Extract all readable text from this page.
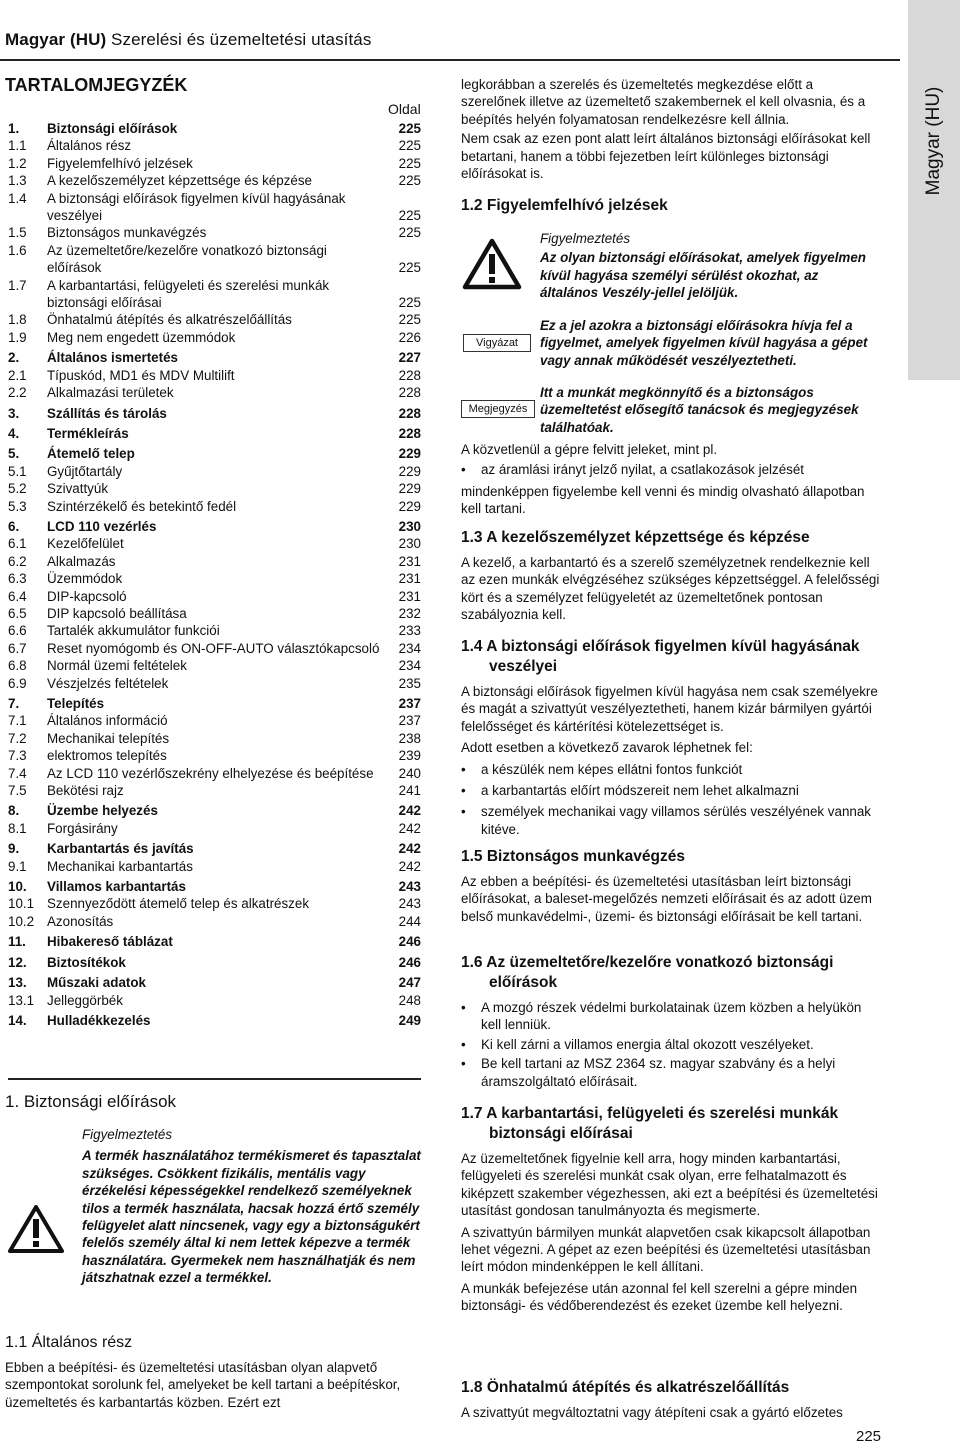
Magyar (HU) Szerelési és üzemeltetési utasítás
Magyar (HU)
TARTALOMJEGYZÉK
Oldal
1.	Biztonsági előírások	225
1.1	Általános rész	225
1.2	Figyelemfelhívó jelzések	225
1.3	A kezelőszemélyzet képzettsége és képzése	225
1.4	A biztonsági előírások figyelmen kívül hagyásának veszélyei	225
1.5	Biztonságos munkavégzés	225
1.6	Az üzemeltetőre/kezelőre vonatkozó biztonsági előírások	225
1.7	A karbantartási, felügyeleti és szerelési munkák biztonsági előírásai	225
1.8	Önhatalmú átépítés és alkatrészelőállítás	225
1.9	Meg nem engedett üzemmódok	226
2.	Általános ismertetés	227
2.1	Típuskód, MD1 és MDV Multilift	228
2.2	Alkalmazási területek	228
3.	Szállítás és tárolás	228
4.	Termékleírás	228
5.	Átemelő telep	229
5.1	Gyűjtőtartály	229
5.2	Szivattyúk	229
5.3	Szintérzékelő és betekintő fedél	229
6.	LCD 110 vezérlés	230
6.1	Kezelőfelület	230
6.2	Alkalmazás	231
6.3	Üzemmódok	231
6.4	DIP-kapcsoló	231
6.5	DIP kapcsoló beállítása	232
6.6	Tartalék akkumulátor funkciói	233
6.7	Reset nyomógomb és ON-OFF-AUTO választókapcsoló	234
6.8	Normál üzemi feltételek	234
6.9	Vészjelzés feltételek	235
7.	Telepítés	237
7.1	Általános információ	237
7.2	Mechanikai telepítés	238
7.3	elektromos telepítés	239
7.4	Az LCD 110 vezérlőszekrény elhelyezése és beépítése	240
7.5	Bekötési rajz	241
8.	Üzembe helyezés	242
8.1	Forgásirány	242
9.	Karbantartás és javítás	242
9.1	Mechanikai karbantartás	242
10.	Villamos karbantartás	243
10.1 Szennyeződött átemelő telep és alkatrészek	243
10.2 Azonosítás	244
11.	Hibakereső táblázat	246
12.	Biztosítékok	246
13.	Műszaki adatok	247
13.1 Jelleggörbék	248
14.	Hulladékkezelés	249
1. Biztonsági előírások
Figyelmeztetés
A termék használatához termékismeret és tapasztalat szükséges. Csökkent fizikális, mentális vagy érzékelési képességekkel rendelkező személyeknek tilos a termék használata, hacsak hozzá értő személy felügyelet alatt nincsenek, vagy egy a biztonságukért felelős személy által ki nem lettek képezve a termék használatára. Gyermekek nem használhatják és nem játszhatnak ezzel a termékkel.
1.1 Általános rész
Ebben a beépítési- és üzemeltetési utasításban olyan alapvető szempontokat sorolunk fel, amelyeket be kell tartani a beépítéskor, üzemeltetés és karbantartás közben. Ezért ezt

legkorábban a szerelés és üzemeltetés megkezdése előtt a szerelőnek illetve az üzemeltető szakembernek el kell olvasnia, és a beépítés helyén folyamatosan rendelkezésre kell állnia.

Nem csak az ezen pont alatt leírt általános biztonsági előírásokat kell betartani, hanem a többi fejezetben leírt különleges biztonsági előírásokat is.

1.2 Figyelemfelhívó jelzések
Figyelmeztetés
Az olyan biztonsági előírásokat, amelyek figyelmen kívül hagyása személyi sérülést okozhat, az általános Veszély-jellel jelöljük.
Vigyázat
Ez a jel azokra a biztonsági előírásokra hívja fel a figyelmet, amelyek figyelmen kívül hagyása a gépet vagy annak működését veszélyeztetheti.
Megjegyzés
Itt a munkát megkönnyítő és a biztonságos üzemeltetést elősegítő tanácsok és megjegyzések találhatóak.

A közvetlenül a gépre felvitt jeleket, mint pl.

• az áramlási irányt jelző nyilat, a csatlakozások jelzését

mindenképpen figyelembe kell venni és mindig olvasható állapotban kell tartani.

1.3 A kezelőszemélyzet képzettsége és képzése

A kezelő, a karbantartó és a szerelő személyzetnek rendelkeznie kell az ezen munkák elvégzéséhez szükséges képzettséggel. A felelősségi kört és a személyzet felügyeletét az üzemeltetőnek pontosan szabályoznia kell.

1.4 A biztonsági előírások figyelmen kívül hagyásának
veszélyei

A biztonsági előírások figyelmen kívül hagyása nem csak személyekre és magát a szivattyút veszélyeztetheti, hanem kizár bármilyen gyártói felelősséget és kártérítési kötelezettséget is.

Adott esetben a következő zavarok léphetnek fel:

• a készülék nem képes ellátni fontos funkciót
• a karbantartás előírt módszereit nem lehet alkalmazni
• személyek mechanikai vagy villamos sérülés veszélyének vannak kitéve.
1.5 Biztonságos munkavégzés

Az ebben a beépítési- és üzemeltetési utasításban leírt biztonsági előírásokat, a baleset-megelőzés nemzeti előírásait és az adott üzem belső munkavédelmi-, üzemi- és biztonsági előírásait be kell tartani.

1.6 Az üzemeltetőre/kezelőre vonatkozó biztonsági
előírások
• A mozgó részek védelmi burkolatainak üzem közben a helyükön kell lenniük.
• Ki kell zárni a villamos energia által okozott veszélyeket.
• Be kell tartani az MSZ 2364 sz. magyar szabvány és a helyi áramszolgáltató előírásait.
1.7 A karbantartási, felügyeleti és szerelési munkák
biztonsági előírásai

Az üzemeltetőnek figyelnie kell arra, hogy minden karbantartási, felügyeleti és szerelési munkát csak olyan, erre felhatalmazott és kiképzett szakember végezhessen, aki ezt a beépítési és üzemeltetési utasítást gondosan tanulmányozta és megismerte.

A szivattyún bármilyen munkát alapvetően csak kikapcsolt állapotban lehet végezni. A gépet az ezen beépítési és üzemeltetési utasításban leírt módon mindenképpen le kell állítani.

A munkák befejezése után azonnal fel kell szerelni a gépre minden biztonsági- és védőberendezést és ezeket üzembe kell helyezni.

1.8 Önhatalmú átépítés és alkatrészelőállítás

A szivattyút megváltoztatni vagy átépíteni csak a gyártó előzetes

225
